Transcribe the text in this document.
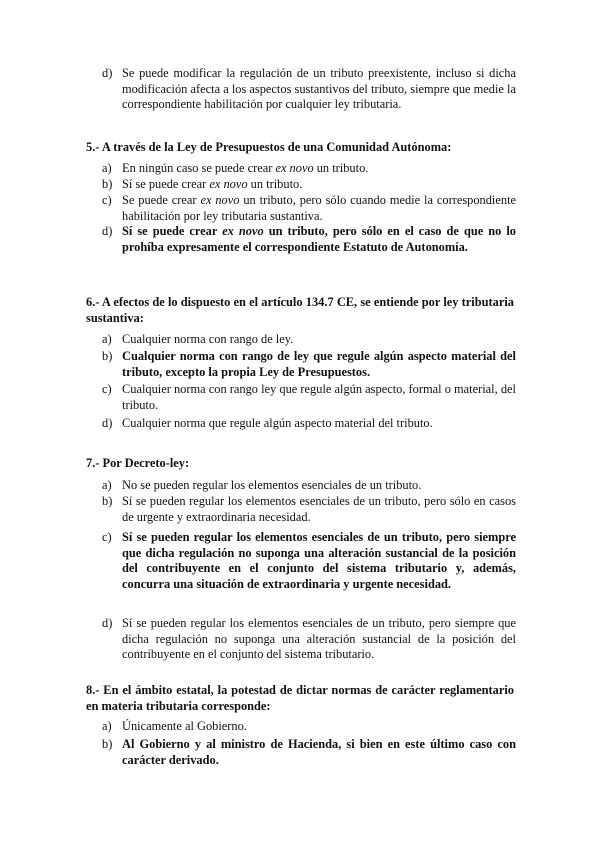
d) Se puede modificar la regulación de un tributo preexistente, incluso si dicha modificación afecta a los aspectos sustantivos del tributo, siempre que medie la correspondiente habilitación por cualquier ley tributaria.
5.- A través de la Ley de Presupuestos de una Comunidad Autónoma:
a) En ningún caso se puede crear ex novo un tributo.
b) Sí se puede crear ex novo un tributo.
c) Se puede crear ex novo un tributo, pero sólo cuando medie la correspondiente habilitación por ley tributaria sustantiva.
d) Sí se puede crear ex novo un tributo, pero sólo en el caso de que no lo prohíba expresamente el correspondiente Estatuto de Autonomía.
6.- A efectos de lo dispuesto en el artículo 134.7 CE, se entiende por ley tributaria sustantiva:
a) Cualquier norma con rango de ley.
b) Cualquier norma con rango de ley que regule algún aspecto material del tributo, excepto la propia Ley de Presupuestos.
c) Cualquier norma con rango ley que regule algún aspecto, formal o material, del tributo.
d) Cualquier norma que regule algún aspecto material del tributo.
7.- Por Decreto-ley:
a) No se pueden regular los elementos esenciales de un tributo.
b) Sí se pueden regular los elementos esenciales de un tributo, pero sólo en casos de urgente y extraordinaria necesidad.
c) Sí se pueden regular los elementos esenciales de un tributo, pero siempre que dicha regulación no suponga una alteración sustancial de la posición del contribuyente en el conjunto del sistema tributario y, además, concurra una situación de extraordinaria y urgente necesidad.
d) Sí se pueden regular los elementos esenciales de un tributo, pero siempre que dicha regulación no suponga una alteración sustancial de la posición del contribuyente en el conjunto del sistema tributario.
8.- En el ámbito estatal, la potestad de dictar normas de carácter reglamentario en materia tributaria corresponde:
a) Únicamente al Gobierno.
b) Al Gobierno y al ministro de Hacienda, si bien en este último caso con carácter derivado.
